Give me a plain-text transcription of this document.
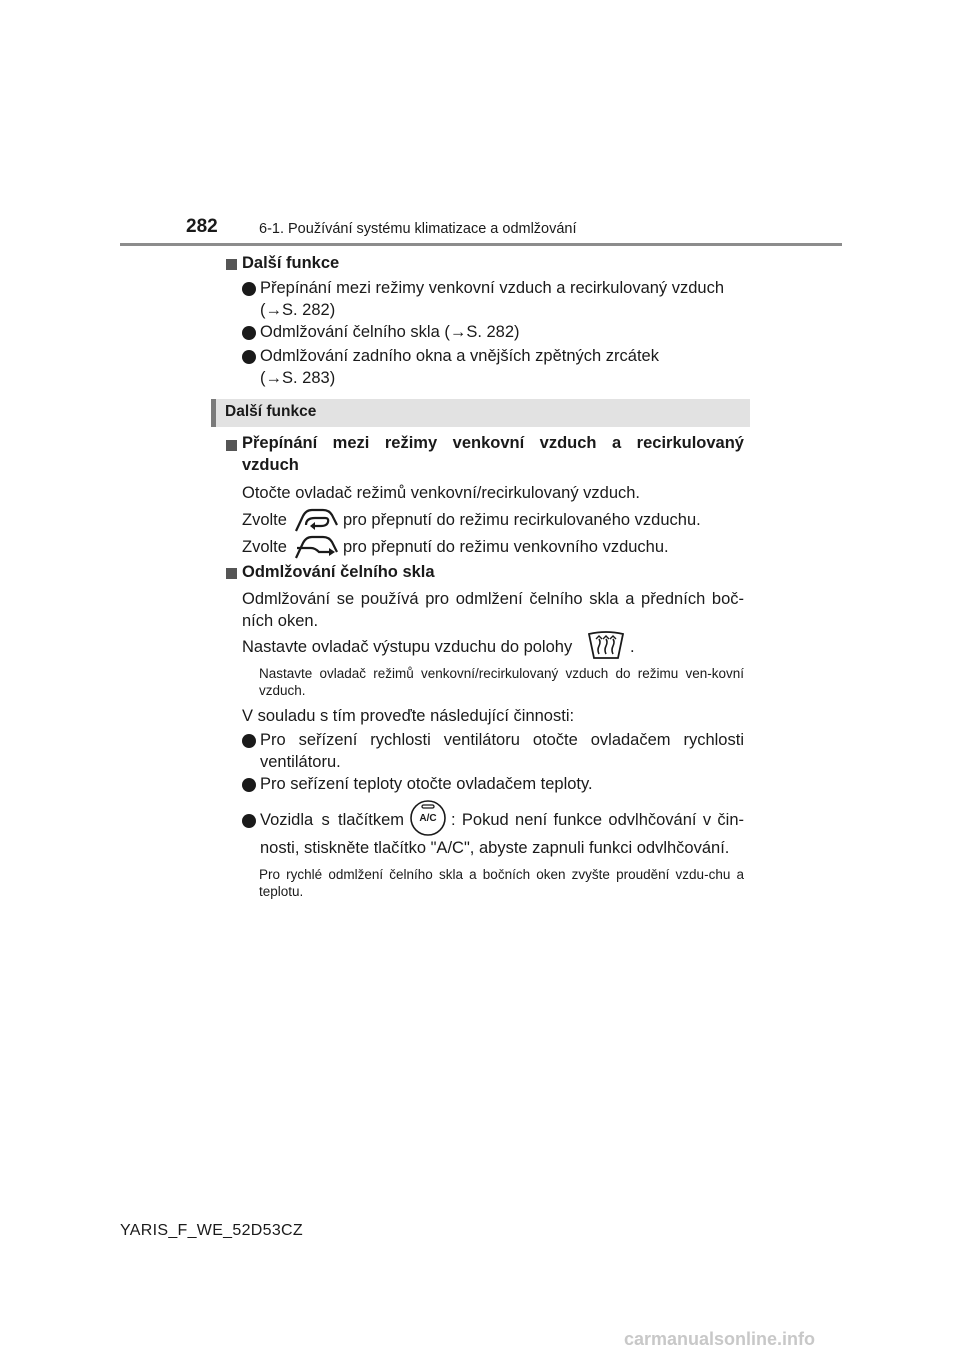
282	6-1. Používání systému klimatizace a odmlžování
Další funkce
Přepínání mezi režimy venkovní vzduch a recirkulovaný vzduch
(→S. 282)
Odmlžování čelního skla (→S. 282)
Odmlžování zadního okna a vnějších zpětných zrcátek
(→S. 283)
Další funkce
Přepínání mezi režimy venkovní vzduch a recirkulovaný
vzduch
Otočte ovladač režimů venkovní/recirkulovaný vzduch.
Zvolte	pro přepnutí do režimu recirkulovaného vzduchu.
Zvolte	pro přepnutí do režimu venkovního vzduchu.
Odmlžování čelního skla
Odmlžování se používá pro odmlžení čelního skla a předních boč-ních oken.
Nastavte ovladač výstupu vzduchu do polohy	.
Nastavte ovladač režimů venkovní/recirkulovaný vzduch do režimu ven-kovní vzduch.
V souladu s tím proveďte následující činnosti:
Pro seřízení rychlosti ventilátoru otočte ovladačem rychlosti ventilátoru.
Pro seřízení teploty otočte ovladačem teploty.
Vozidla s tlačítkem	A/C : Pokud není funkce odvlhčování v čin-
nosti, stiskněte tlačítko "A/C", abyste zapnuli funkci odvlhčování.
Pro rychlé odmlžení čelního skla a bočních oken zvyšte proudění vzdu-chu a teplotu.
YARIS_F_WE_52D53CZ
carmanualsonline.info
